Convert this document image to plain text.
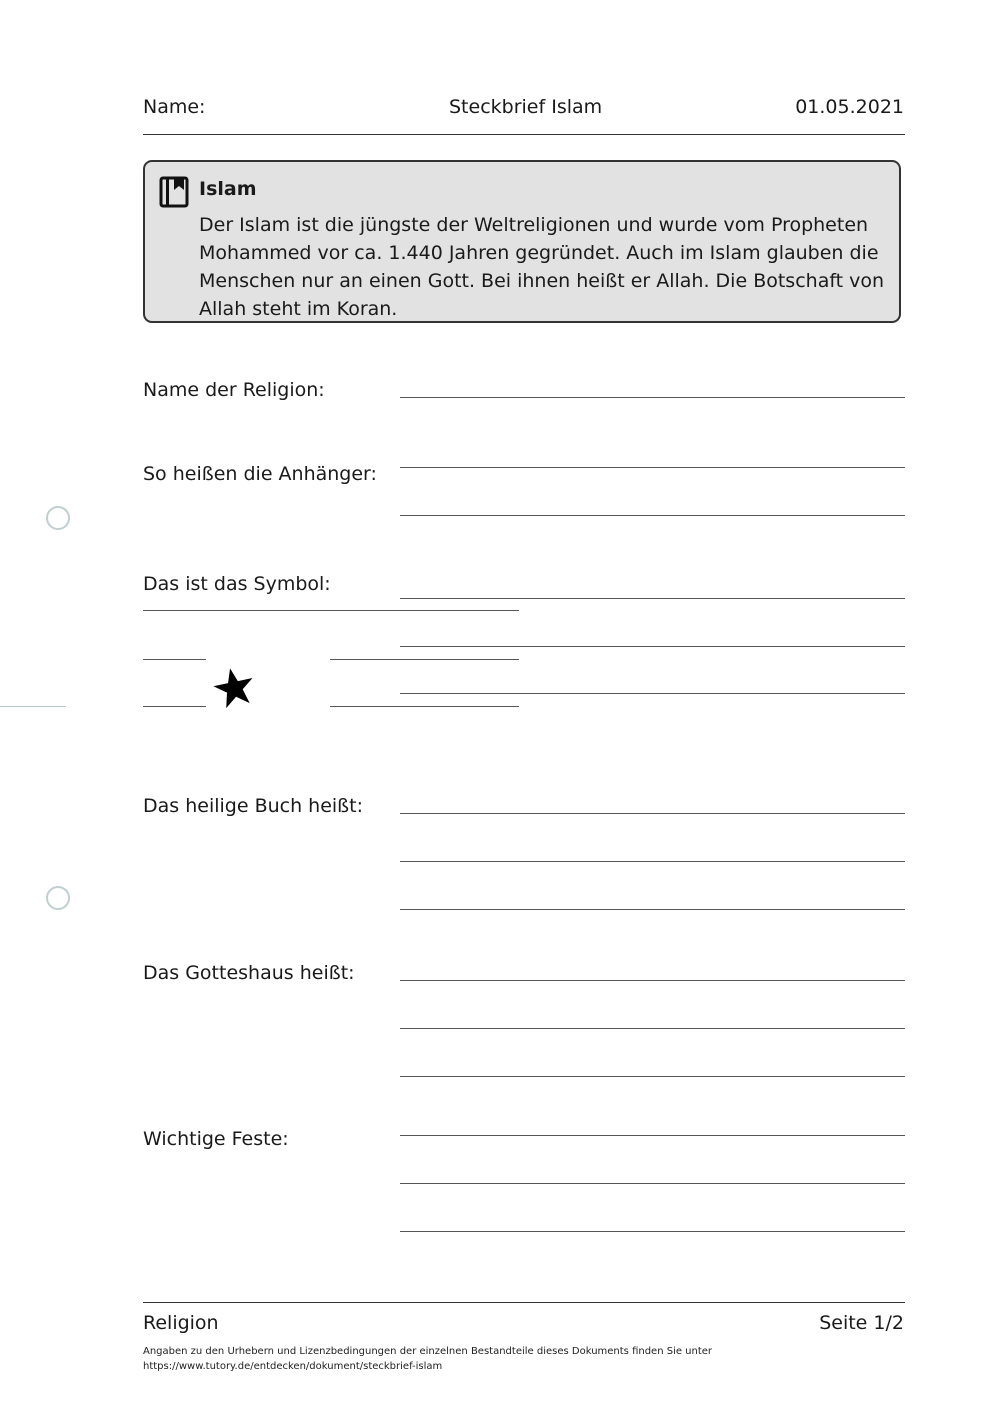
Name:	Steckbrief Islam	01.05.2021
Islam
Der Islam ist die jüngste der Weltreligionen und wurde vom Propheten
Mohammed vor ca. 1.440 Jahren gegründet. Auch im Islam glauben die
Menschen nur an einen Gott. Bei ihnen heißt er Allah. Die Botschaft von
Allah steht im Koran.
Name der Religion:
So heißen die Anhänger:
Das ist das Symbol:
Das heilige Buch heißt:
Das Gotteshaus heißt:
Wichtige Feste:
Religion	Seite 1/2
Angaben zu den Urhebern und Lizenzbedingungen der einzelnen Bestandteile dieses Dokuments finden Sie unter
https://www.tutory.de/entdecken/dokument/steckbrief-islam
